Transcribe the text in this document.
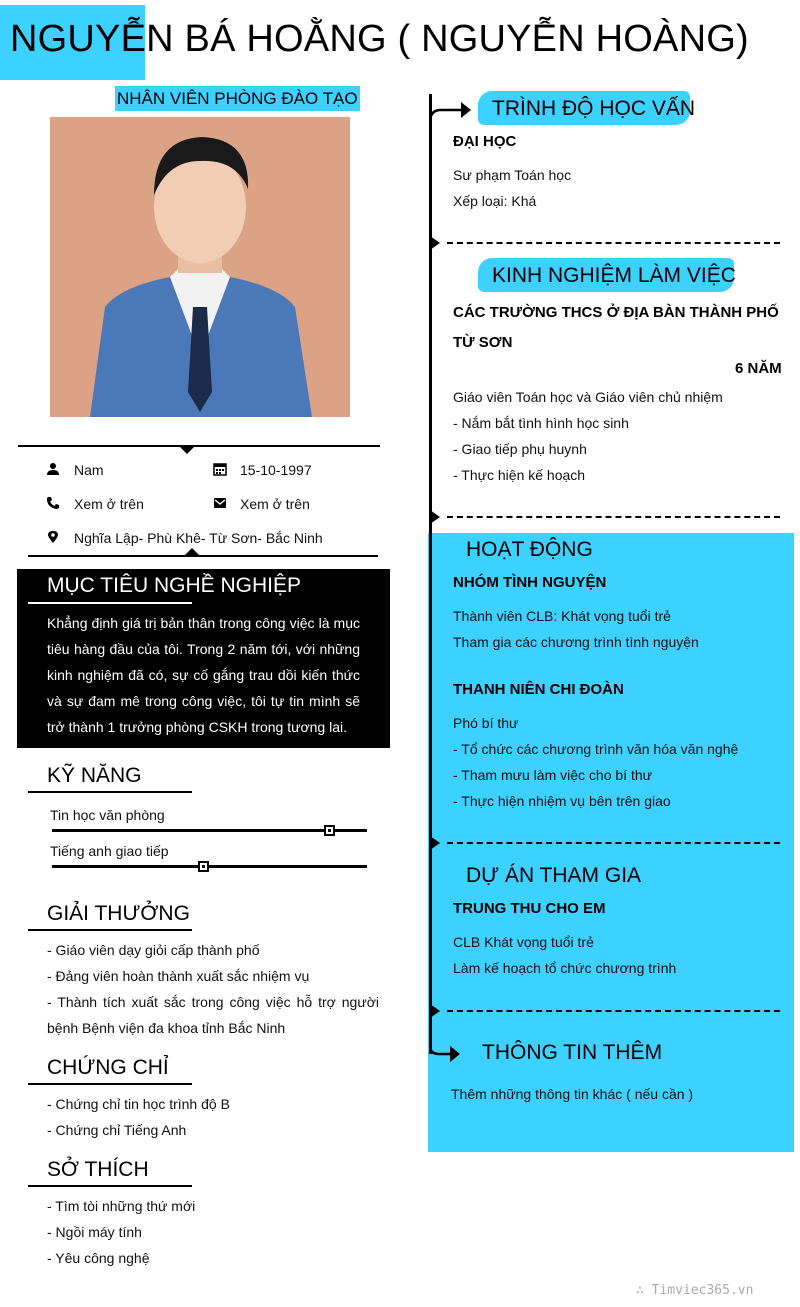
NGUYỄN BÁ HOẰNG ( NGUYỄN HOÀNG)
NHÂN VIÊN PHÒNG ĐÀO TẠO
Nam	15-10-1997
Xem ở trên	Xem ở trên
Nghĩa Lập- Phù Khê- Từ Sơn- Bắc Ninh
MỤC TIÊU NGHỀ NGHIỆP
Khẳng định giá trị bản thân trong công việc là mục tiêu hàng đầu của tôi. Trong 2 năm tới, với những kinh nghiệm đã có, sự cố gắng trau dồi kiến thức và sự đam mê trong công việc, tôi tự tin mình sẽ trở thành 1 trưởng phòng CSKH trong tương lai.
KỸ NĂNG
Tin học văn phòng
Tiếng anh giao tiếp
GIẢI THƯỞNG
- Giáo viên dạy giỏi cấp thành phố
- Đảng viên hoàn thành xuất sắc nhiệm vụ
- Thành tích xuất sắc trong công việc hỗ trợ người bệnh Bệnh viện đa khoa tỉnh Bắc Ninh
CHỨNG CHỈ
- Chứng chỉ tin học trình độ B
- Chứng chỉ Tiếng Anh
SỞ THÍCH
- Tìm tòi những thứ mới
- Ngồi máy tính
- Yêu công nghệ
TRÌNH ĐỘ HỌC VẤN
ĐẠI HỌC
Sư phạm Toán học
Xếp loại: Khá
KINH NGHIỆM LÀM VIỆC
CÁC TRƯỜNG THCS Ở ĐỊA BÀN THÀNH PHỐ TỪ SƠN
6 NĂM
Giáo viên Toán học và Giáo viên chủ nhiệm
- Nắm bắt tình hình học sinh
- Giao tiếp phụ huynh
- Thực hiện kế hoạch
HOẠT ĐỘNG
NHÓM TÌNH NGUYỆN
Thành viên CLB: Khát vọng tuổi trẻ
Tham gia các chương trình tình nguyện
THANH NIÊN CHI ĐOÀN
Phó bí thư
- Tổ chức các chương trình văn hóa văn nghệ
- Tham mưu làm việc cho bí thư
- Thực hiện nhiệm vụ bên trên giao
DỰ ÁN THAM GIA
TRUNG THU CHO EM
CLB Khát vọng tuổi trẻ
Làm kế hoạch tổ chức chương trình
THÔNG TIN THÊM
Thêm những thông tin khác ( nếu cần )
∴ Timviec365.vn
